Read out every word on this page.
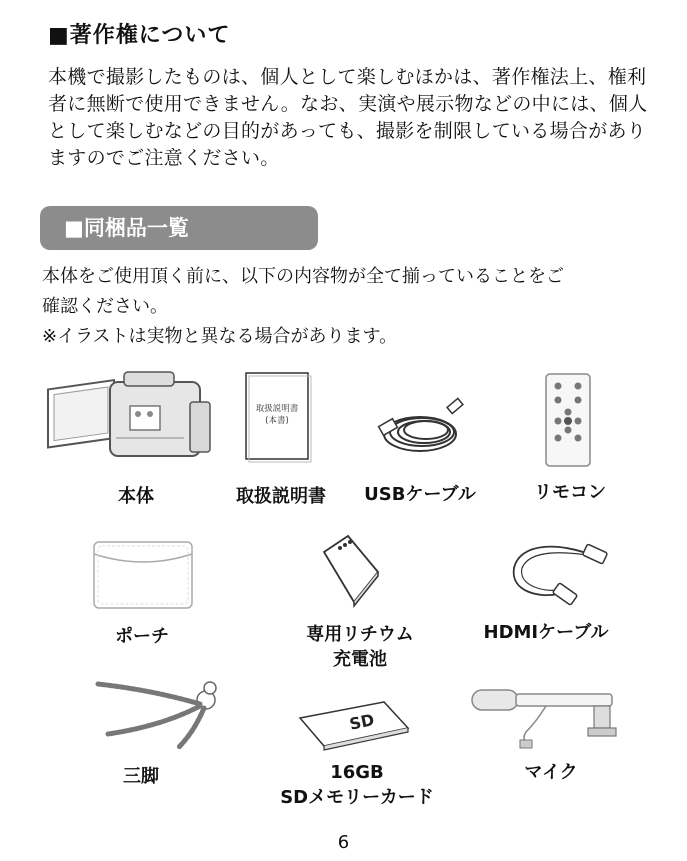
■著作権について
本機で撮影したものは、個人として楽しむほかは、著作権法上、権利者に無断で使用できません。なお、実演や展示物などの中には、個人として楽しむなどの目的があっても、撮影を制限している場合がありますのでご注意ください。
■同梱品一覧
本体をご使用頂く前に、以下の内容物が全て揃っていることをご
確認ください。
※イラストは実物と異なる場合があります。
本体
取扱説明書
(本書)
取扱説明書	USBケーブル	リモコン
ポーチ	専用リチウム
充電池
HDMIケーブル
三脚
SD
16GB
SDメモリーカード
マイク
6
